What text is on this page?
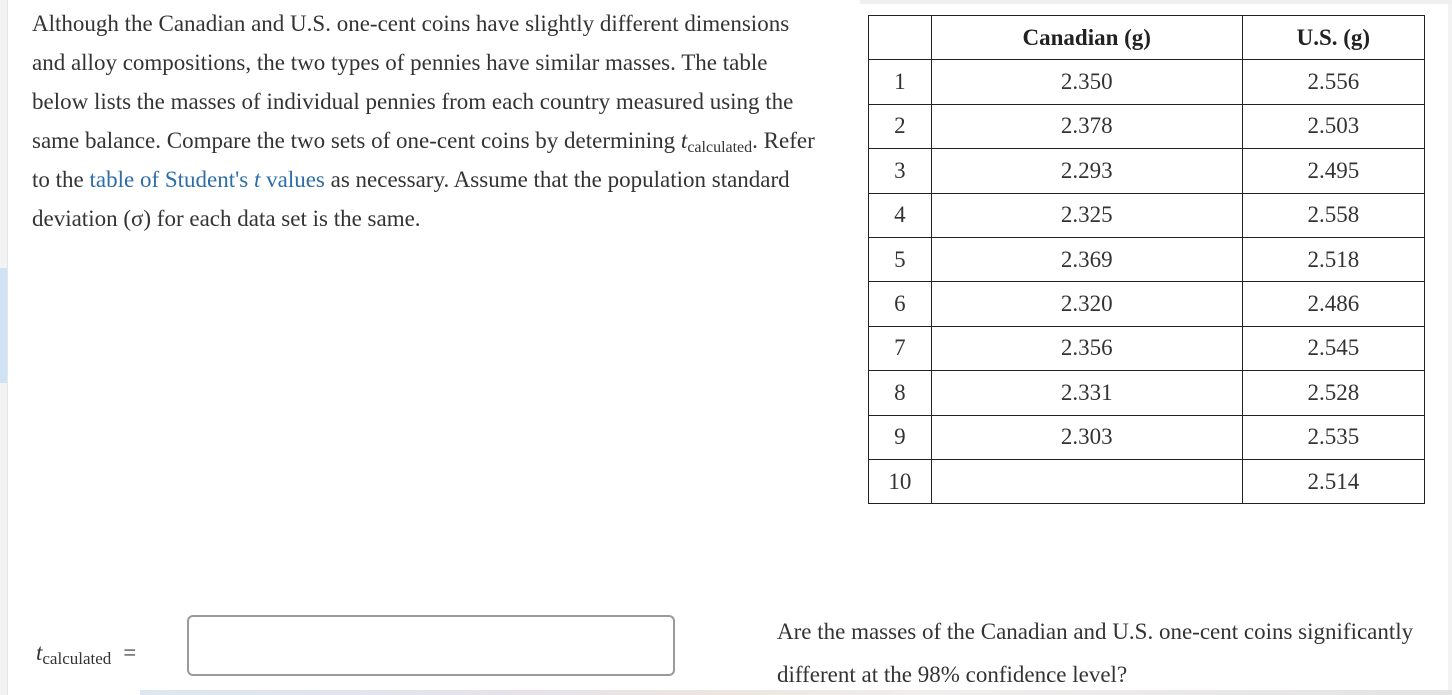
Although the Canadian and U.S. one-cent coins have slightly different dimensions and alloy compositions, the two types of pennies have similar masses. The table below lists the masses of individual pennies from each country measured using the same balance. Compare the two sets of one-cent coins by determining $t_{calculated}$. Refer to the table of Student's t values as necessary. Assume that the population standard deviation (σ) for each data set is the same.

	Canadian (g)	U.S. (g)
1	2.350	2.556
2	2.378	2.503
3	2.293	2.495
4	2.325	2.558
5	2.369	2.518
6	2.320	2.486
7	2.356	2.545
8	2.331	2.528
9	2.303	2.535
10		2.514
$t_{calculated}$ =

Are the masses of the Canadian and U.S. one-cent coins significantly different at the 98% confidence level?
